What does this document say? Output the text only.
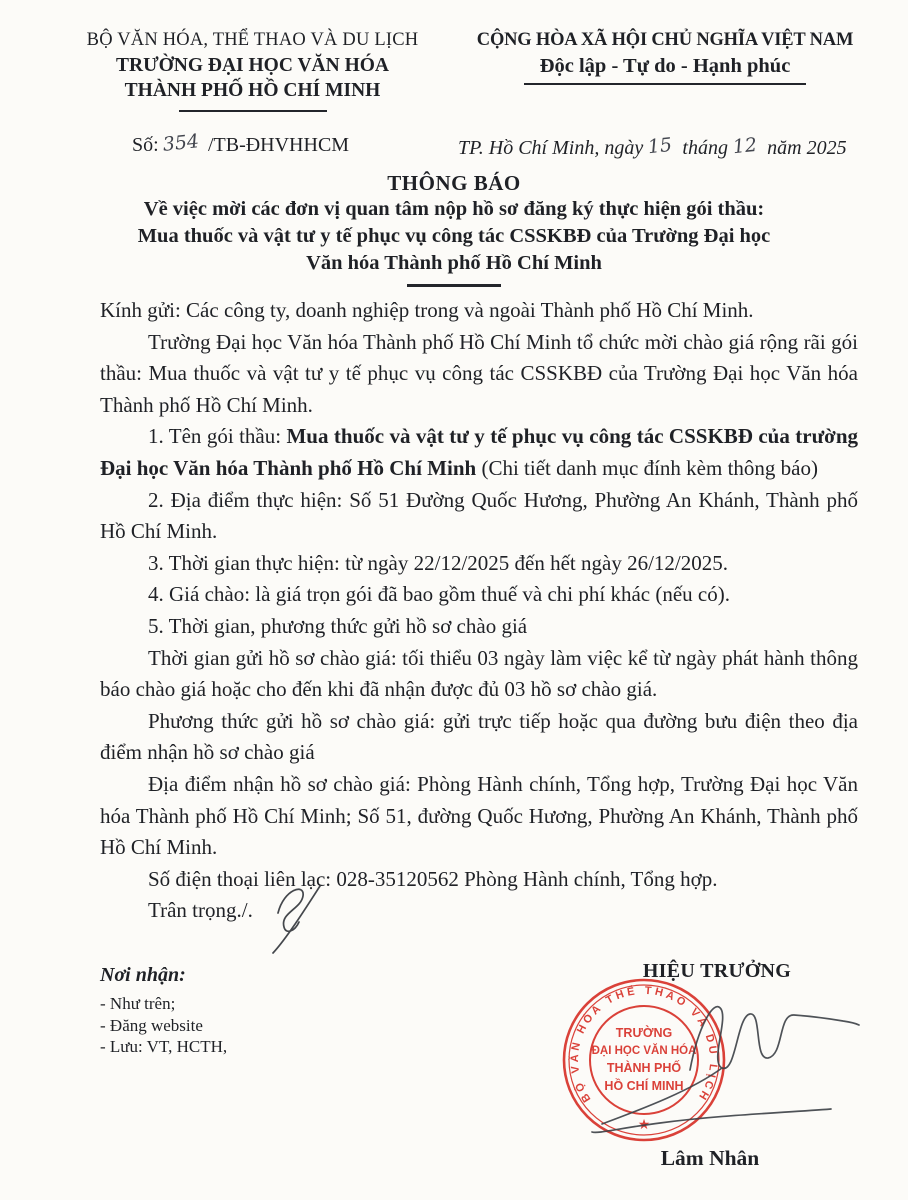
BỘ VĂN HÓA, THỂ THAO VÀ DU LỊCH
TRƯỜNG ĐẠI HỌC VĂN HÓA
THÀNH PHỐ HỒ CHÍ MINH
CỘNG HÒA XÃ HỘI CHỦ NGHĨA VIỆT NAM
Độc lập - Tự do - Hạnh phúc
Số: 354 /TB-ĐHVHHCM	TP. Hồ Chí Minh, ngày 15 tháng 12 năm 2025
THÔNG BÁO
Về việc mời các đơn vị quan tâm nộp hồ sơ đăng ký thực hiện gói thầu:
Mua thuốc và vật tư y tế phục vụ công tác CSSKBĐ của Trường Đại học
Văn hóa Thành phố Hồ Chí Minh

Kính gửi: Các công ty, doanh nghiệp trong và ngoài Thành phố Hồ Chí Minh.

Trường Đại học Văn hóa Thành phố Hồ Chí Minh tổ chức mời chào giá rộng rãi gói thầu: Mua thuốc và vật tư y tế phục vụ công tác CSSKBĐ của Trường Đại học Văn hóa Thành phố Hồ Chí Minh.

1. Tên gói thầu: Mua thuốc và vật tư y tế phục vụ công tác CSSKBĐ của trường Đại học Văn hóa Thành phố Hồ Chí Minh (Chi tiết danh mục đính kèm thông báo)

2. Địa điểm thực hiện: Số 51 Đường Quốc Hương, Phường An Khánh, Thành phố Hồ Chí Minh.

3. Thời gian thực hiện: từ ngày 22/12/2025 đến hết ngày 26/12/2025.

4. Giá chào: là giá trọn gói đã bao gồm thuế và chi phí khác (nếu có).

5. Thời gian, phương thức gửi hồ sơ chào giá

Thời gian gửi hồ sơ chào giá: tối thiểu 03 ngày làm việc kể từ ngày phát hành thông báo chào giá hoặc cho đến khi đã nhận được đủ 03 hồ sơ chào giá.

Phương thức gửi hồ sơ chào giá: gửi trực tiếp hoặc qua đường bưu điện theo địa điểm nhận hồ sơ chào giá

Địa điểm nhận hồ sơ chào giá: Phòng Hành chính, Tổng hợp, Trường Đại học Văn hóa Thành phố Hồ Chí Minh; Số 51, đường Quốc Hương, Phường An Khánh, Thành phố Hồ Chí Minh.

Số điện thoại liên lạc: 028-35120562 Phòng Hành chính, Tổng hợp.

Trân trọng./.

Nơi nhận:
- Như trên;
- Đăng website
- Lưu: VT, HCTH,
HIỆU TRƯỞNG
BỘ VĂN HÓA THỂ THAO VÀ DU LỊCH
★
TRƯỜNG
ĐẠI HỌC VĂN HÓA
THÀNH PHỐ
HỒ CHÍ MINH
Lâm Nhân
